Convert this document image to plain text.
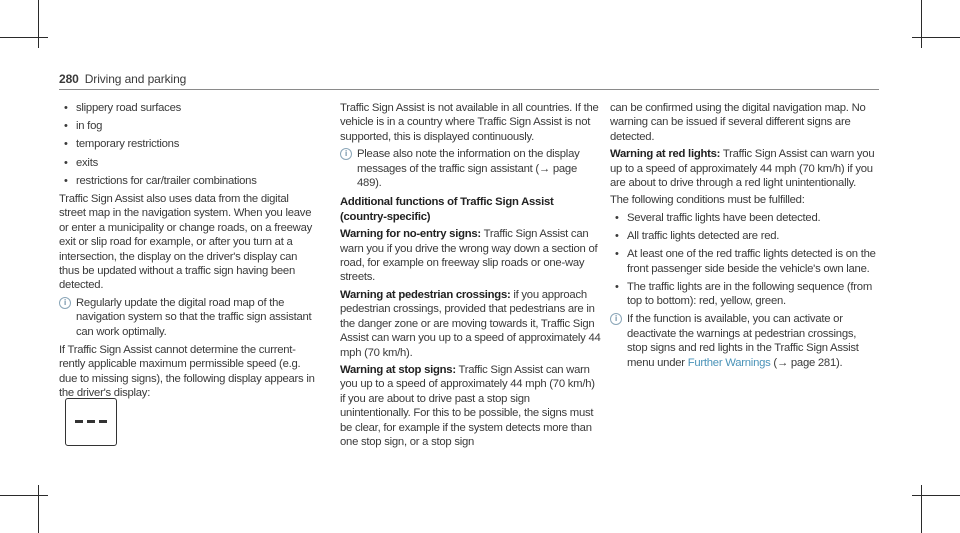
280 Driving and parking
• slippery road surfaces
• in fog
• temporary restrictions
• exits
• restrictions for car/trailer combinations

Traffic Sign Assist also uses data from the digital street map in the navigation system. When you leave or enter a municipality or change roads, on a freeway exit or slip road for example, or after you turn at a intersection, the display on the driver's display can thus be updated without a traffic sign having been detected.

i Regularly update the digital road map of the navigation system so that the traffic sign assistant can work optimally.

If Traffic Sign Assist cannot determine the current- rently applicable maximum permissible speed (e.g. due to missing signs), the following display appears in the driver's display:

Traffic Sign Assist is not available in all countries. If the vehicle is in a country where Traffic Sign Assist is not supported, this is displayed continuously.

i Please also note the information on the display messages of the traffic sign assistant (→ page 489).

Additional functions of Traffic Sign Assist (country-specific)

Warning for no-entry signs: Traffic Sign Assist can warn you if you drive the wrong way down a section of road, for example on freeway slip roads or one-way streets.

Warning at pedestrian crossings: if you approach pedestrian crossings, provided that pedestrians are in the danger zone or are moving towards it, Traffic Sign Assist can warn you up to a speed of approximately 44 mph (70 km/h).

Warning at stop signs: Traffic Sign Assist can warn you up to a speed of approximately 44 mph (70 km/h) if you are about to drive past a stop sign unintentionally. For this to be possible, the signs must be clear, for example if the system detects more than one stop sign, or a stop sign

can be confirmed using the digital navigation map. No warning can be issued if several different signs are detected.

Warning at red lights: Traffic Sign Assist can warn you up to a speed of approximately 44 mph (70 km/h) if you are about to drive through a red light unintentionally.

The following conditions must be fulfilled:

• Several traffic lights have been detected.
• All traffic lights detected are red.
• At least one of the red traffic lights detected is on the front passenger side beside the vehicle's own lane.
• The traffic lights are in the following sequence (from top to bottom): red, yellow, green.
i If the function is available, you can activate or deactivate the warnings at pedestrian crossings, stop signs and red lights in the Traffic Sign Assist menu under Further Warnings (→ page 281).
